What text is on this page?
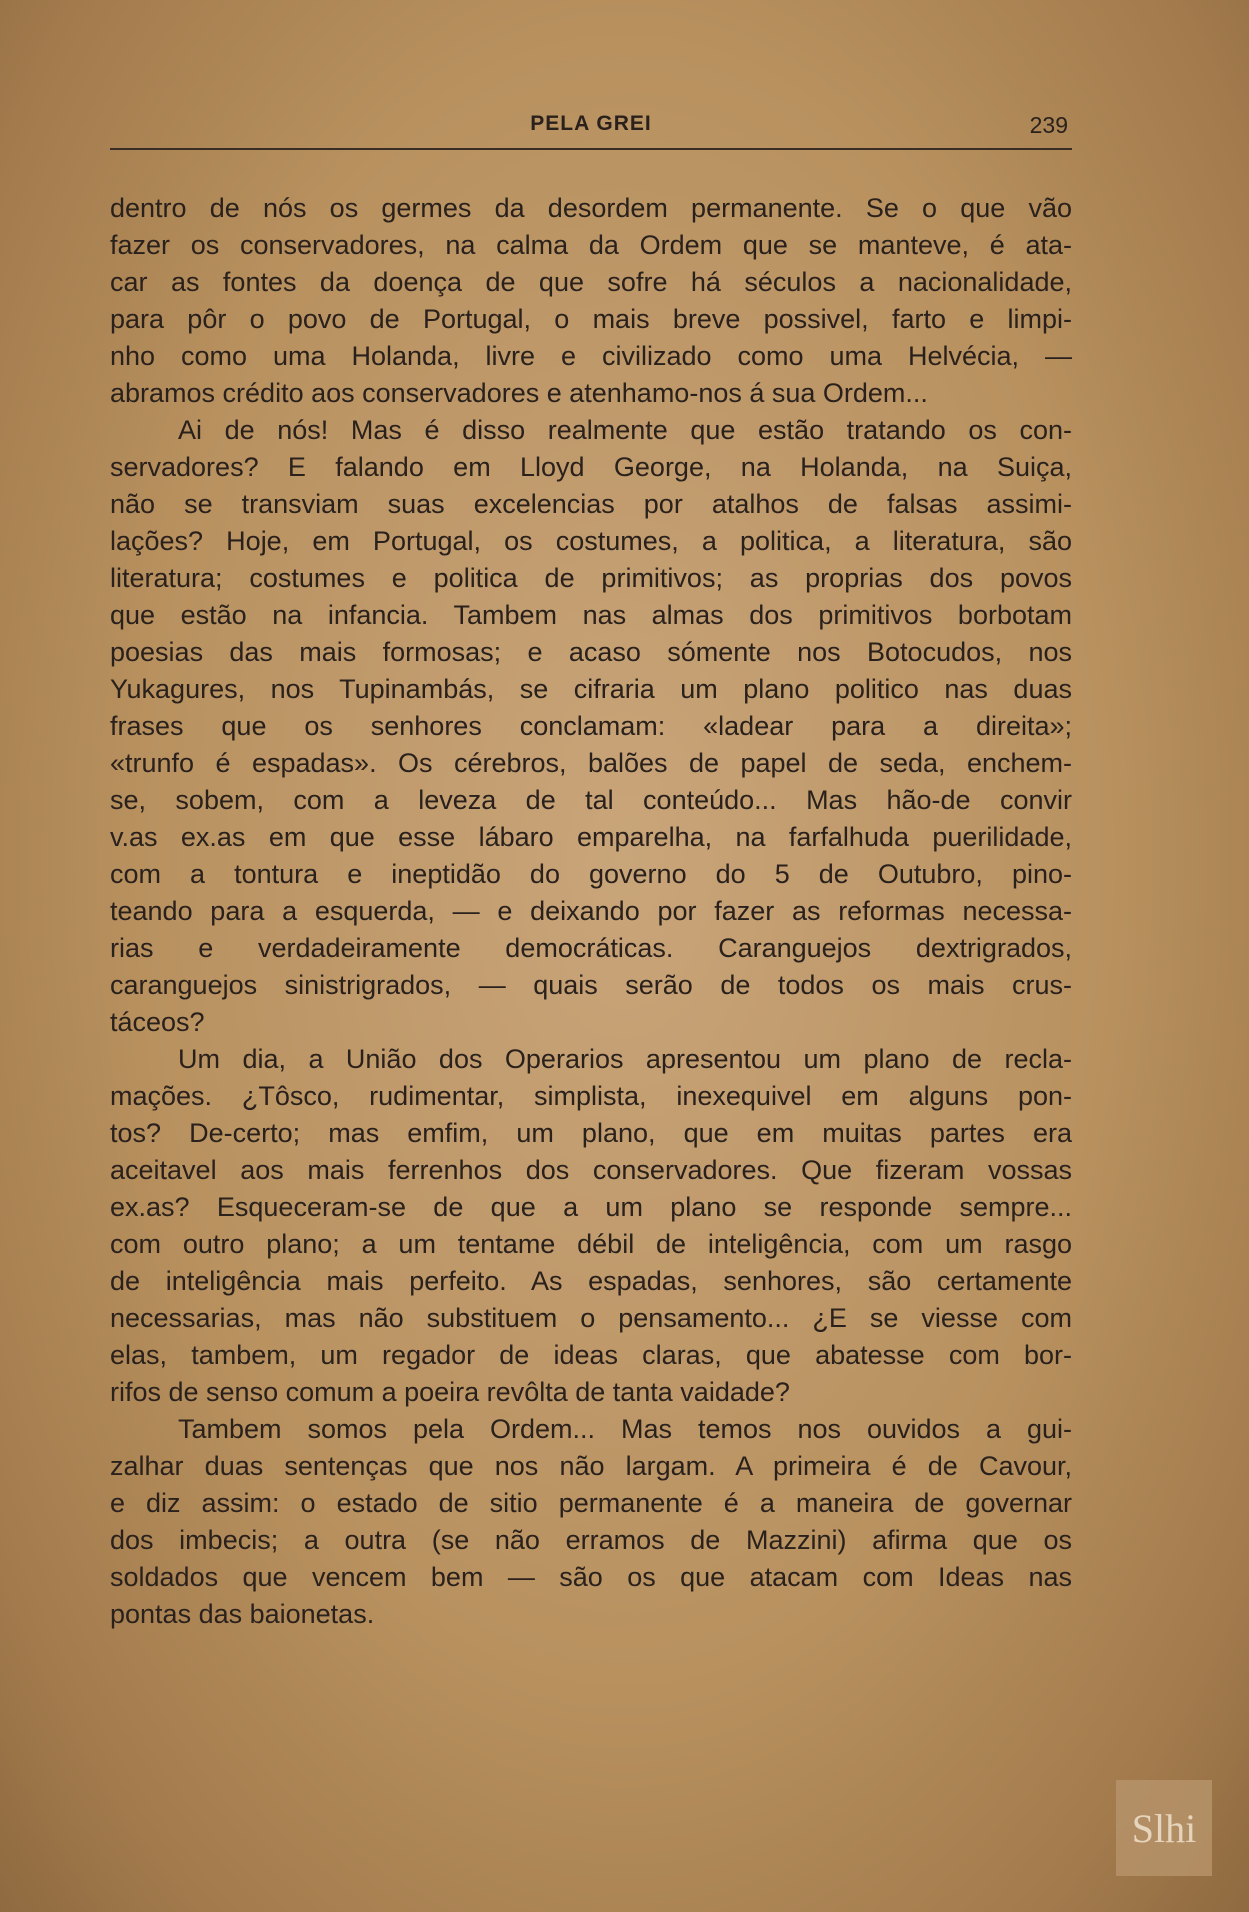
PELA GREI	239
dentro de nós os germes da desordem permanente. Se o que vão
fazer os conservadores, na calma da Ordem que se manteve, é ata-
car as fontes da doença de que sofre há séculos a nacionalidade,
para pôr o povo de Portugal, o mais breve possivel, farto e limpi-
nho como uma Holanda, livre e civilizado como uma Helvécia, —
abramos crédito aos conservadores e atenhamo-nos á sua Ordem...
Ai de nós! Mas é disso realmente que estão tratando os con-
servadores? E falando em Lloyd George, na Holanda, na Suiça,
não se transviam suas excelencias por atalhos de falsas assimi-
lações? Hoje, em Portugal, os costumes, a politica, a literatura, são
literatura; costumes e politica de primitivos; as proprias dos povos
que estão na infancia. Tambem nas almas dos primitivos borbotam
poesias das mais formosas; e acaso sómente nos Botocudos, nos
Yukagures, nos Tupinambás, se cifraria um plano politico nas duas
frases que os senhores conclamam: «ladear para a direita»;
«trunfo é espadas». Os cérebros, balões de papel de seda, enchem-
se, sobem, com a leveza de tal conteúdo... Mas hão-de convir
v.as ex.as em que esse lábaro emparelha, na farfalhuda puerilidade,
com a tontura e ineptidão do governo do 5 de Outubro, pino-
teando para a esquerda, — e deixando por fazer as reformas necessa-
rias e verdadeiramente democráticas. Caranguejos dextrigrados,
caranguejos sinistrigrados, — quais serão de todos os mais crus-
táceos?
Um dia, a União dos Operarios apresentou um plano de recla-
mações. ¿Tôsco, rudimentar, simplista, inexequivel em alguns pon-
tos? De-certo; mas emfim, um plano, que em muitas partes era
aceitavel aos mais ferrenhos dos conservadores. Que fizeram vossas
ex.as? Esqueceram-se de que a um plano se responde sempre...
com outro plano; a um tentame débil de inteligência, com um rasgo
de inteligência mais perfeito. As espadas, senhores, são certamente
necessarias, mas não substituem o pensamento... ¿E se viesse com
elas, tambem, um regador de ideas claras, que abatesse com bor-
rifos de senso comum a poeira revôlta de tanta vaidade?
Tambem somos pela Ordem... Mas temos nos ouvidos a gui-
zalhar duas sentenças que nos não largam. A primeira é de Cavour,
e diz assim: o estado de sitio permanente é a maneira de governar
dos imbecis; a outra (se não erramos de Mazzini) afirma que os
soldados que vencem bem — são os que atacam com Ideas nas
pontas das baionetas.
Slhi
